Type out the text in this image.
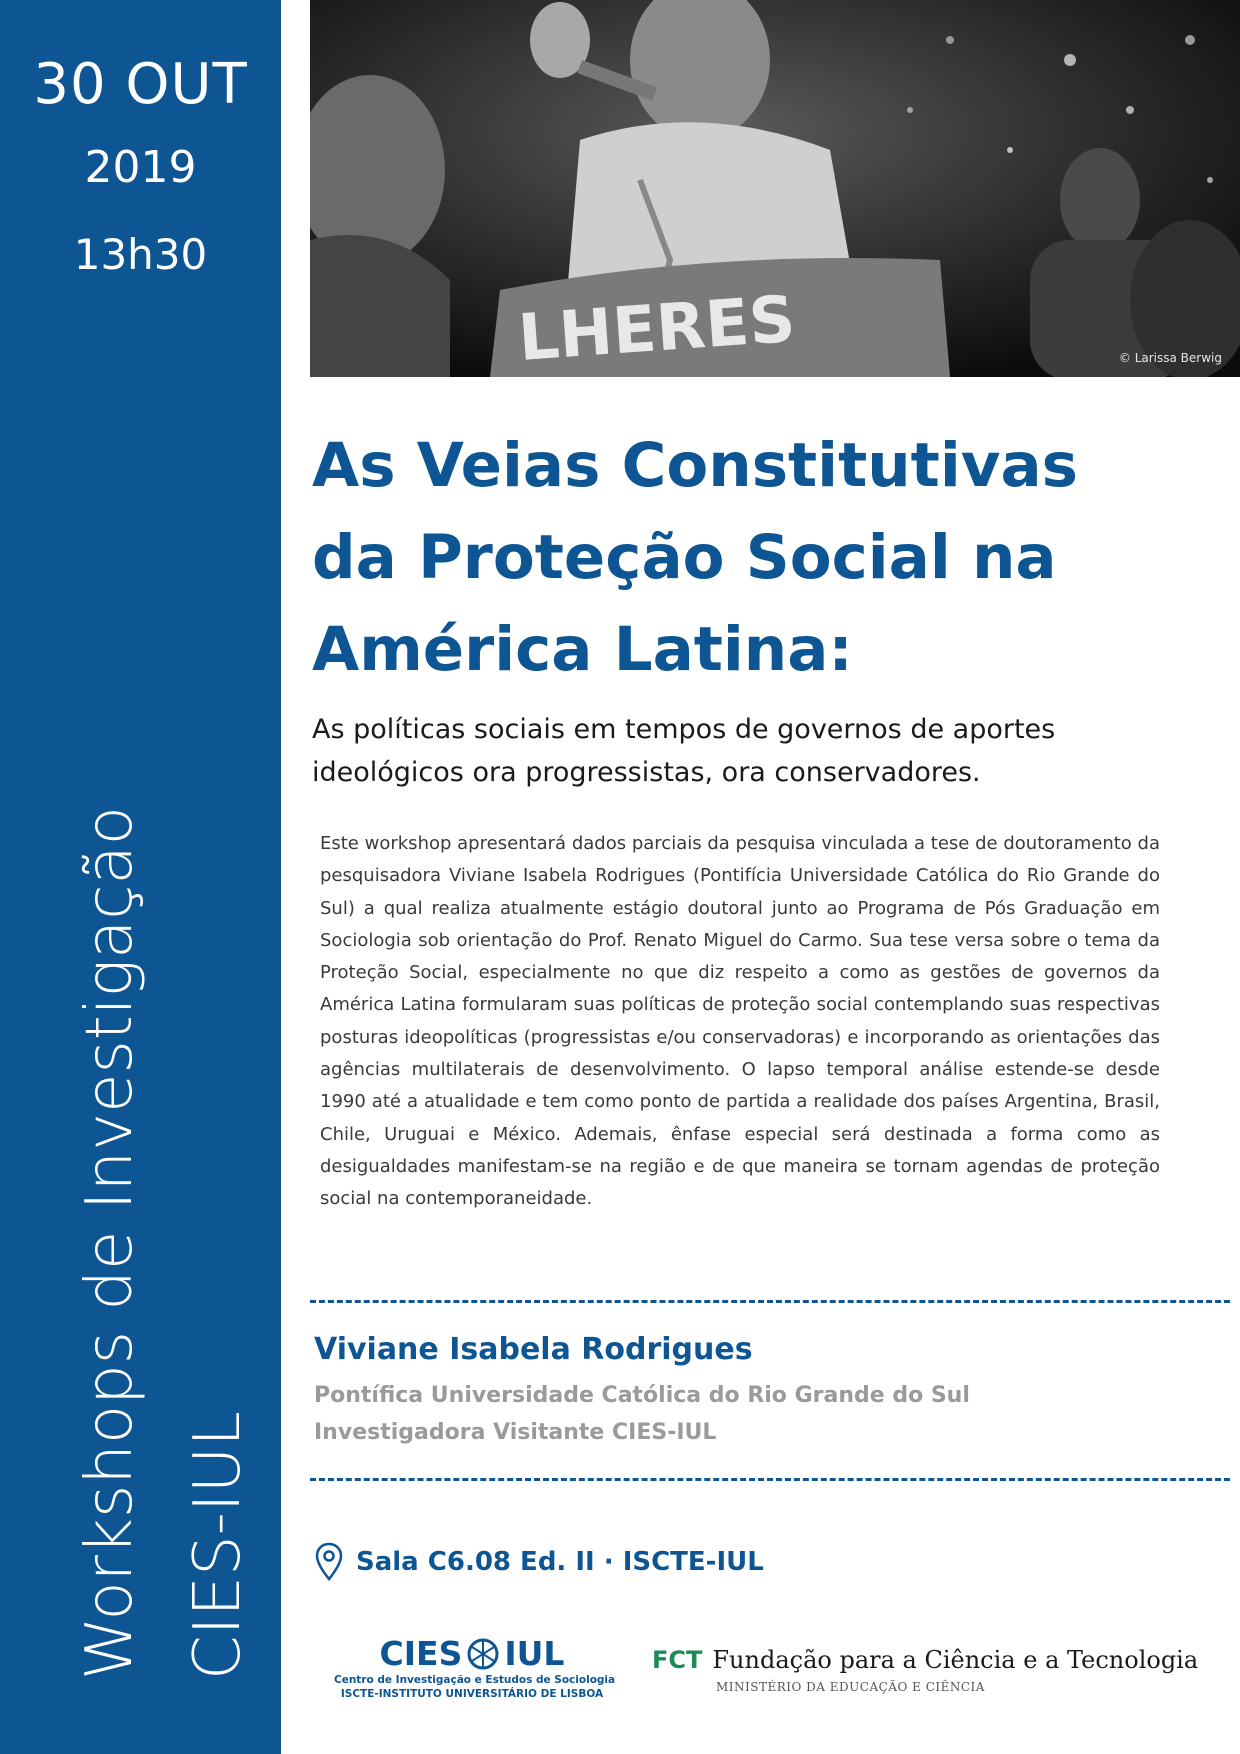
30 OUT
2019
13h30
Workshops de Investigação CIES-IUL
LHERES	© Larissa Berwig
As Veias Constitutivas
da Proteção Social na
América Latina:
As políticas sociais em tempos de governos de aportes
ideológicos ora progressistas, ora conservadores.
Este workshop apresentará dados parciais da pesquisa vinculada a tese de doutoramento da pesquisadora Viviane Isabela Rodrigues (Pontifícia Universidade Católica do Rio Grande do Sul) a qual realiza atualmente estágio doutoral junto ao Programa de Pós Graduação em Sociologia sob orientação do Prof. Renato Miguel do Carmo. Sua tese versa sobre o tema da Proteção Social, especialmente no que diz respeito a como as gestões de governos da América Latina formularam suas políticas de proteção social contemplando suas respectivas posturas ideopolíticas (progressistas e/ou conservadoras) e incorporando as orientações das agências multilaterais de desenvolvimento. O lapso temporal análise estende-se desde 1990 até a atualidade e tem como ponto de partida a realidade dos países Argentina, Brasil, Chile, Uruguai e México. Ademais, ênfase especial será destinada a forma como as desigualdades manifestam-se na região e de que maneira se tornam agendas de proteção social na contemporaneidade.
Viviane Isabela Rodrigues
Pontífica Universidade Católica do Rio Grande do Sul
Investigadora Visitante CIES-IUL
Sala C6.08 Ed. II · ISCTE-IUL
CIES IUL
Centro de Investigação e Estudos de Sociologia
ISCTE-INSTITUTO UNIVERSITÁRIO DE LISBOA
FCT Fundação para a Ciência e a Tecnologia
MINISTÉRIO DA EDUCAÇÃO E CIÊNCIA
